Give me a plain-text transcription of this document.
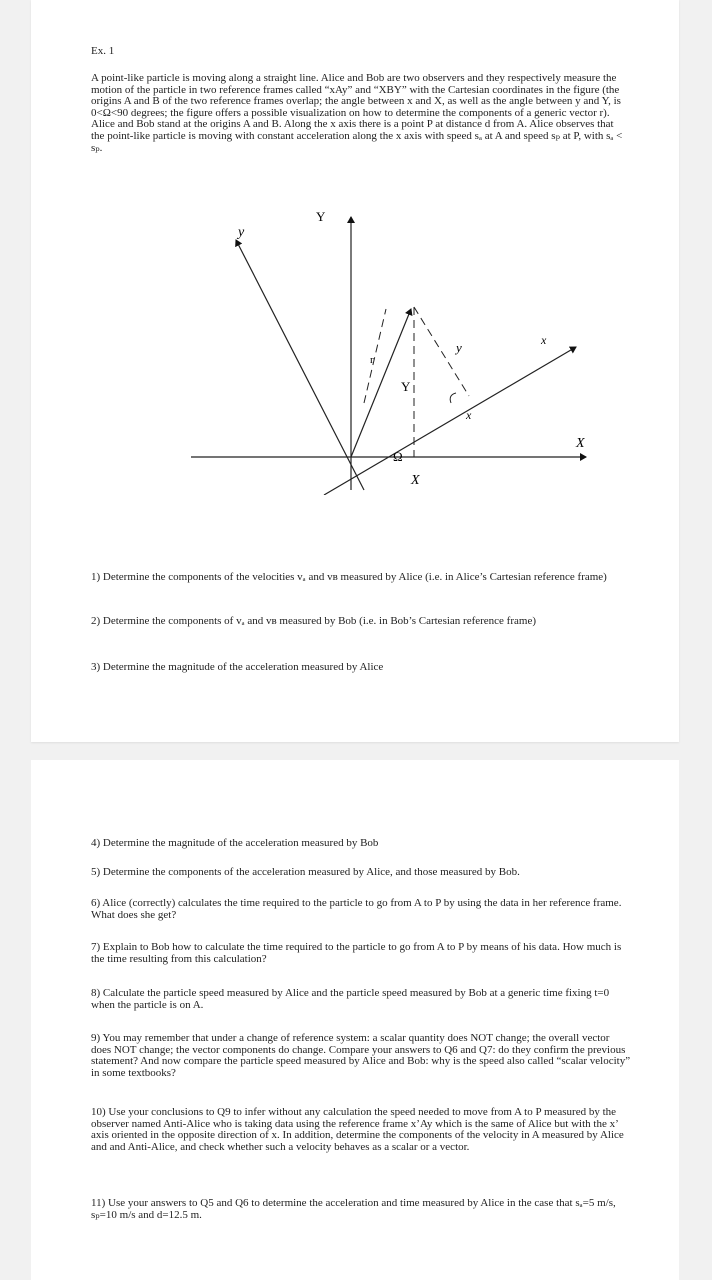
Ex. 1
A point-like particle is moving along a straight line. Alice and Bob are two observers and they respectively measure the motion of the particle in two reference frames called “xAy” and “XBY” with the Cartesian coordinates in the figure (the origins A and B of the two reference frames overlap; the angle between x and X, as well as the angle between y and Y, is 0<Ω<90 degrees; the figure offers a possible visualization on how to determine the components of a generic vector r). Alice and Bob stand at the origins A and B. Along the x axis there is a point P at distance d from A. Alice observes that the point-like particle is moving with constant acceleration along the x axis with speed sₐ at A and speed sₚ at P, with sₐ < sₚ.
Y
y
x
X
r
Y
y
x
Ω
X
1) Determine the components of the velocities vₐ and vʙ measured by Alice (i.e. in Alice’s Cartesian reference frame)
2) Determine the components of vₐ and vʙ measured by Bob (i.e. in Bob’s Cartesian reference frame)
3) Determine the magnitude of the acceleration measured by Alice
4) Determine the magnitude of the acceleration measured by Bob
5) Determine the components of the acceleration measured by Alice, and those measured by Bob.
6) Alice (correctly) calculates the time required to the particle to go from A to P by using the data in her reference frame. What does she get?
7) Explain to Bob how to calculate the time required to the particle to go from A to P by means of his data. How much is the time resulting from this calculation?
8) Calculate the particle speed measured by Alice and the particle speed measured by Bob at a generic time fixing t=0 when the particle is on A.
9) You may remember that under a change of reference system: a scalar quantity does NOT change; the overall vector does NOT change; the vector components do change. Compare your answers to Q6 and Q7: do they confirm the previous statement? And now compare the particle speed measured by Alice and Bob: why is the speed also called “scalar velocity” in some textbooks?
10) Use your conclusions to Q9 to infer without any calculation the speed needed to move from A to P measured by the observer named Anti-Alice who is taking data using the reference frame x’Ay which is the same of Alice but with the x’ axis oriented in the opposite direction of x. In addition, determine the components of the velocity in A measured by Alice and and Anti-Alice, and check whether such a velocity behaves as a scalar or a vector.
11) Use your answers to Q5 and Q6 to determine the acceleration and time measured by Alice in the case that sₐ=5 m/s, sₚ=10 m/s and d=12.5 m.
